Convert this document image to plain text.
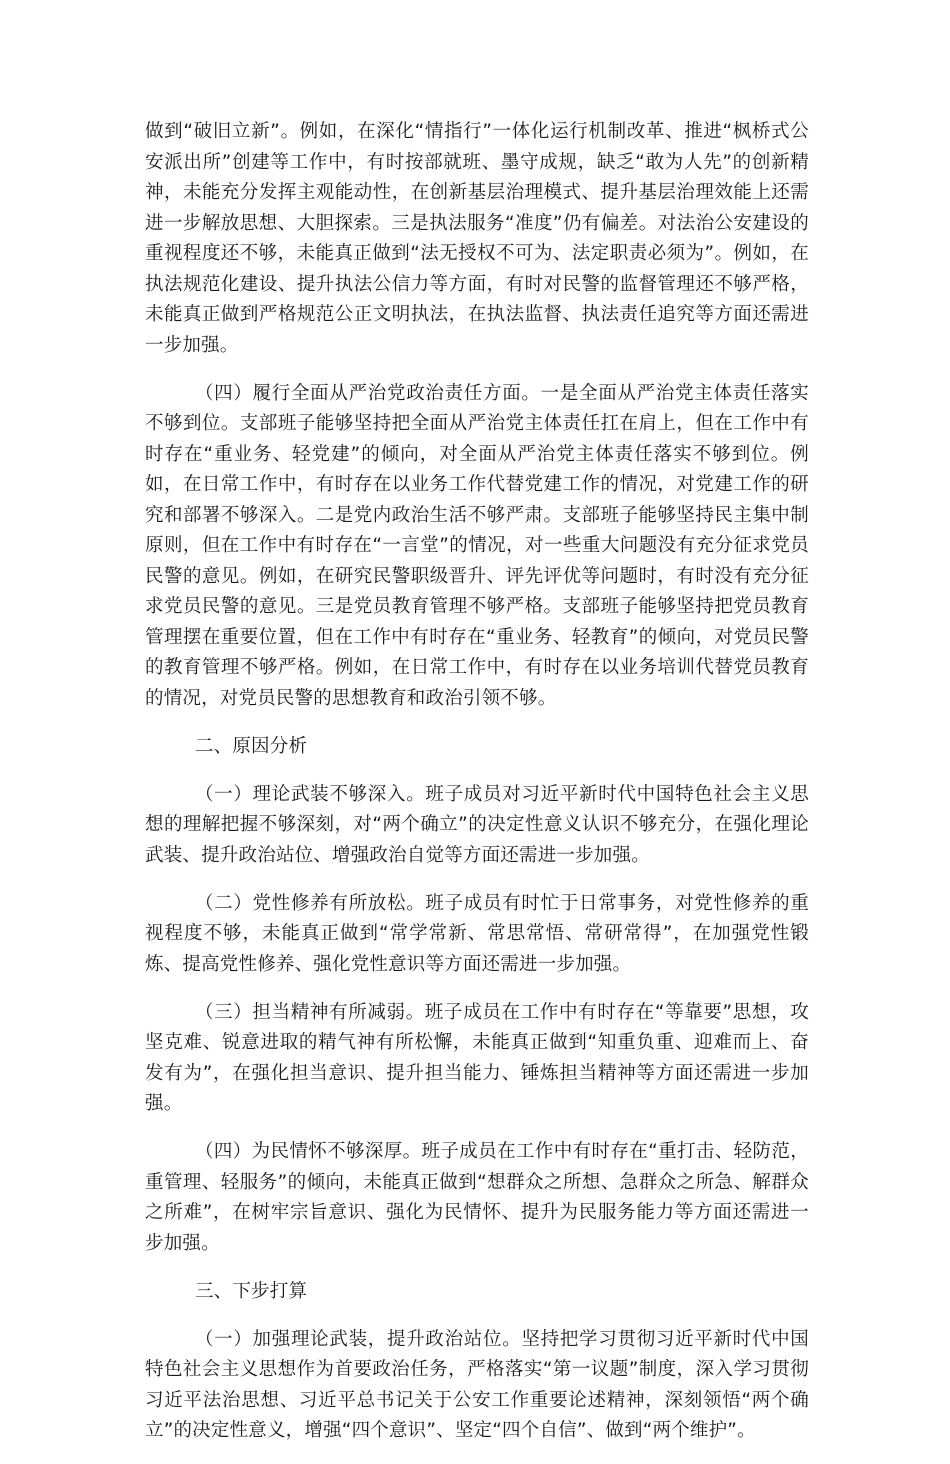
做到“破旧立新”。例如，在深化“情指行”一体化运行机制改革、推进“枫桥式公安派出所”创建等工作中，有时按部就班、墨守成规，缺乏“敢为人先”的创新精神，未能充分发挥主观能动性，在创新基层治理模式、提升基层治理效能上还需进一步解放思想、大胆探索。三是执法服务“准度”仍有偏差。对法治公安建设的重视程度还不够，未能真正做到“法无授权不可为、法定职责必须为”。例如，在执法规范化建设、提升执法公信力等方面，有时对民警的监督管理还不够严格，未能真正做到严格规范公正文明执法，在执法监督、执法责任追究等方面还需进一步加强。

（四）履行全面从严治党政治责任方面。一是全面从严治党主体责任落实不够到位。支部班子能够坚持把全面从严治党主体责任扛在肩上，但在工作中有时存在“重业务、轻党建”的倾向，对全面从严治党主体责任落实不够到位。例如，在日常工作中，有时存在以业务工作代替党建工作的情况，对党建工作的研究和部署不够深入。二是党内政治生活不够严肃。支部班子能够坚持民主集中制原则，但在工作中有时存在“一言堂”的情况，对一些重大问题没有充分征求党员民警的意见。例如，在研究民警职级晋升、评先评优等问题时，有时没有充分征求党员民警的意见。三是党员教育管理不够严格。支部班子能够坚持把党员教育管理摆在重要位置，但在工作中有时存在“重业务、轻教育”的倾向，对党员民警的教育管理不够严格。例如，在日常工作中，有时存在以业务培训代替党员教育的情况，对党员民警的思想教育和政治引领不够。

二、原因分析

（一）理论武装不够深入。班子成员对习近平新时代中国特色社会主义思想的理解把握不够深刻，对“两个确立”的决定性意义认识不够充分，在强化理论武装、提升政治站位、增强政治自觉等方面还需进一步加强。

（二）党性修养有所放松。班子成员有时忙于日常事务，对党性修养的重视程度不够，未能真正做到“常学常新、常思常悟、常研常得”，在加强党性锻炼、提高党性修养、强化党性意识等方面还需进一步加强。

（三）担当精神有所减弱。班子成员在工作中有时存在“等靠要”思想，攻坚克难、锐意进取的精气神有所松懈，未能真正做到“知重负重、迎难而上、奋发有为”，在强化担当意识、提升担当能力、锤炼担当精神等方面还需进一步加强。

（四）为民情怀不够深厚。班子成员在工作中有时存在“重打击、轻防范，重管理、轻服务”的倾向，未能真正做到“想群众之所想、急群众之所急、解群众之所难”，在树牢宗旨意识、强化为民情怀、提升为民服务能力等方面还需进一步加强。

三、下步打算

（一）加强理论武装，提升政治站位。坚持把学习贯彻习近平新时代中国特色社会主义思想作为首要政治任务，严格落实“第一议题”制度，深入学习贯彻习近平法治思想、习近平总书记关于公安工作重要论述精神，深刻领悟“两个确立”的决定性意义，增强“四个意识”、坚定“四个自信”、做到“两个维护”。
